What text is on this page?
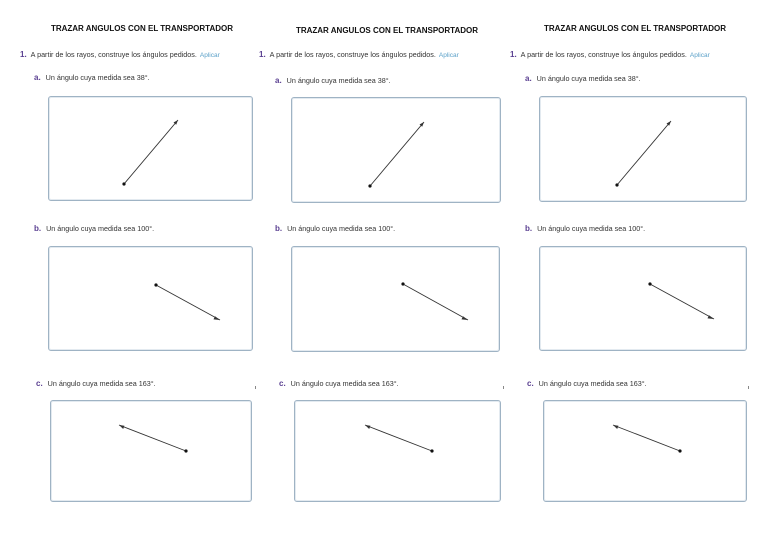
TRAZAR ANGULOS CON EL TRANSPORTADOR
1. A partir de los rayos, construye los ángulos pedidos. Aplicar
a. Un ángulo cuya medida sea 38°.
b. Un ángulo cuya medida sea 100°.
c. Un ángulo cuya medida sea 163°.
TRAZAR ANGULOS CON EL TRANSPORTADOR
1. A partir de los rayos, construye los ángulos pedidos. Aplicar
a. Un ángulo cuya medida sea 38°.
b. Un ángulo cuya medida sea 100°.
c. Un ángulo cuya medida sea 163°.
TRAZAR ANGULOS CON EL TRANSPORTADOR
1. A partir de los rayos, construye los ángulos pedidos. Aplicar
a. Un ángulo cuya medida sea 38°.
b. Un ángulo cuya medida sea 100°.
c. Un ángulo cuya medida sea 163°.
